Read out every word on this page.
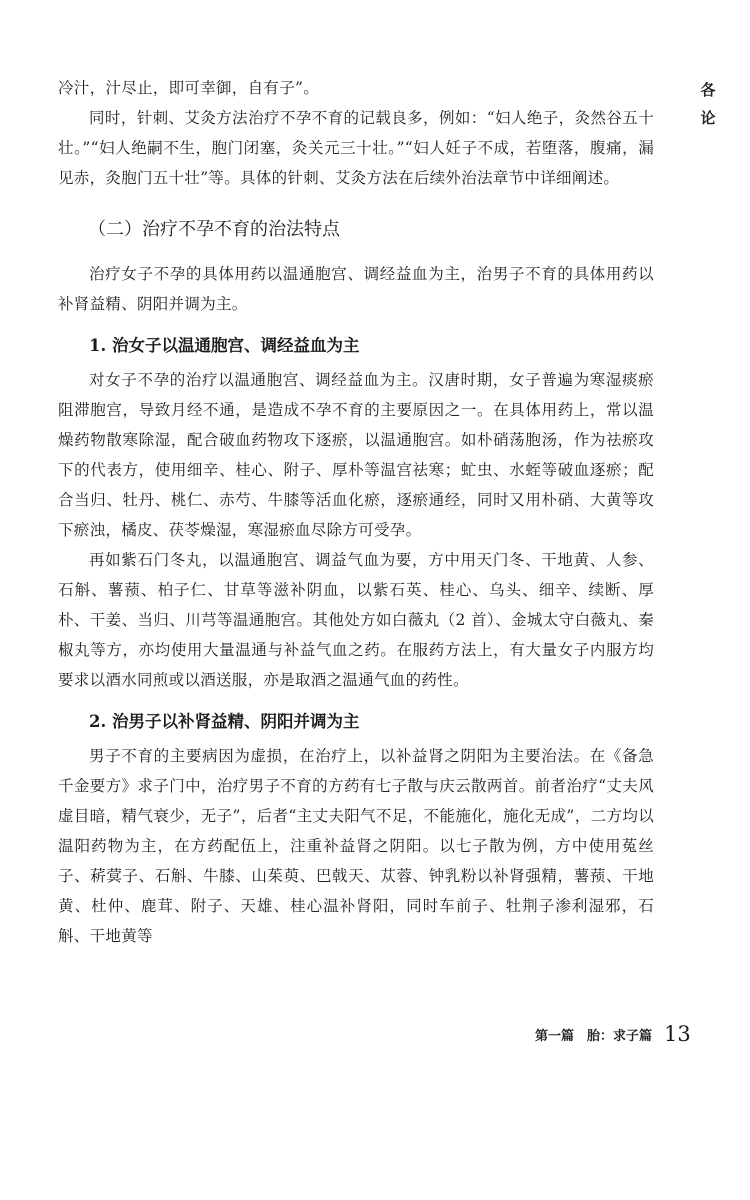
各
论

冷汁，汁尽止，即可幸御，自有子”。

同时，针刺、艾灸方法治疗不孕不育的记载良多，例如：“妇人绝子，灸然谷五十壮。”“妇人绝嗣不生，胞门闭塞，灸关元三十壮。”“妇人妊子不成，若堕落，腹痛，漏见赤，灸胞门五十壮”等。具体的针刺、艾灸方法在后续外治法章节中详细阐述。

（二）治疗不孕不育的治法特点

治疗女子不孕的具体用药以温通胞宫、调经益血为主，治男子不育的具体用药以补肾益精、阴阳并调为主。

1. 治女子以温通胞宫、调经益血为主

对女子不孕的治疗以温通胞宫、调经益血为主。汉唐时期，女子普遍为寒湿痰瘀阻滞胞宫，导致月经不通，是造成不孕不育的主要原因之一。在具体用药上，常以温燥药物散寒除湿，配合破血药物攻下逐瘀，以温通胞宫。如朴硝荡胞汤，作为祛瘀攻下的代表方，使用细辛、桂心、附子、厚朴等温宫祛寒；虻虫、水蛭等破血逐瘀；配合当归、牡丹、桃仁、赤芍、牛膝等活血化瘀，逐瘀通经，同时又用朴硝、大黄等攻下瘀浊，橘皮、茯苓燥湿，寒湿瘀血尽除方可受孕。

再如紫石门冬丸，以温通胞宫、调益气血为要，方中用天门冬、干地黄、人参、石斛、薯蓣、柏子仁、甘草等滋补阴血，以紫石英、桂心、乌头、细辛、续断、厚朴、干姜、当归、川芎等温通胞宫。其他处方如白薇丸（2 首）、金城太守白薇丸、秦椒丸等方，亦均使用大量温通与补益气血之药。在服药方法上，有大量女子内服方均要求以酒水同煎或以酒送服，亦是取酒之温通气血的药性。

2. 治男子以补肾益精、阴阳并调为主

男子不育的主要病因为虚损，在治疗上，以补益肾之阴阳为主要治法。在《备急千金要方》求子门中，治疗男子不育的方药有七子散与庆云散两首。前者治疗“丈夫风虚目暗，精气衰少，无子”，后者“主丈夫阳气不足，不能施化，施化无成”，二方均以温阳药物为主，在方药配伍上，注重补益肾之阴阳。以七子散为例，方中使用菟丝子、菥蓂子、石斛、牛膝、山茱萸、巴戟天、苁蓉、钟乳粉以补肾强精，薯蓣、干地黄、杜仲、鹿茸、附子、天雄、桂心温补肾阳，同时车前子、牡荆子渗利湿邪，石斛、干地黄等

第一篇　胎：求子篇 13
